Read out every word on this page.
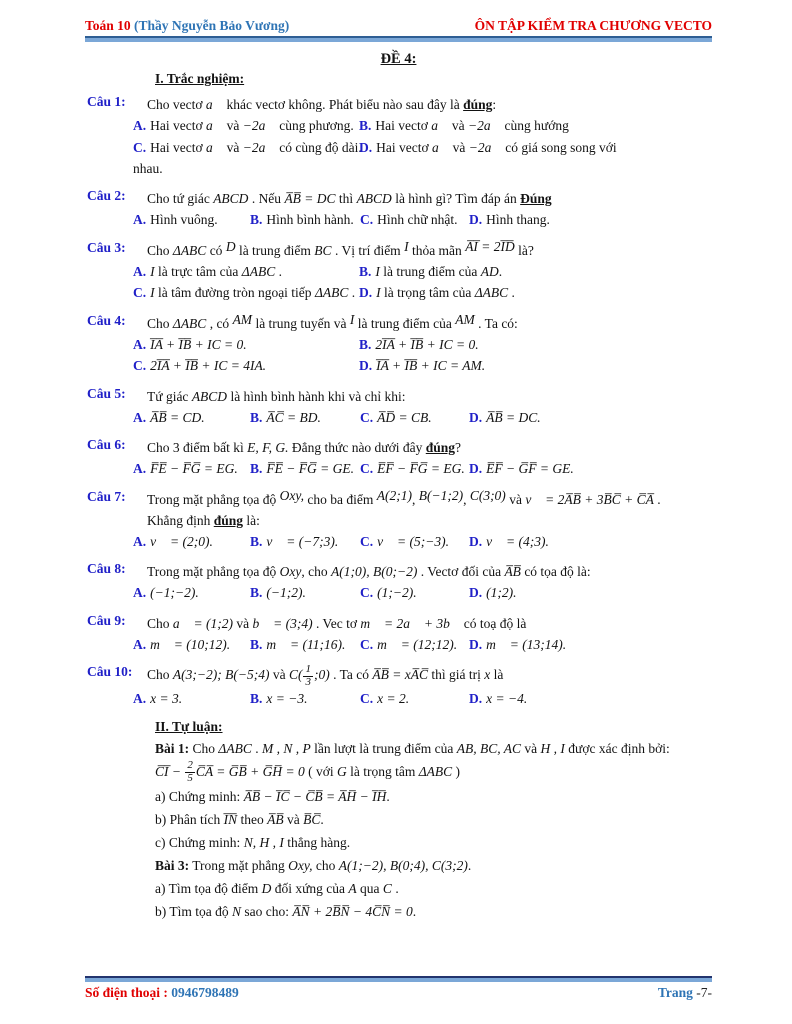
Toán 10 (Thầy Nguyễn Bảo Vương)	ÔN TẬP KIỂM TRA CHƯƠNG VECTO
ĐỀ 4:
I. Trắc nghiệm:
Câu 1:	Cho vectơ a⃗ khác vectơ không. Phát biểu nào sau đây là đúng:
A. Hai vectơ a⃗ và −2a⃗ cùng phương. B. Hai vectơ a⃗ và −2a⃗ cùng hướng
C. Hai vectơ a⃗ và −2a⃗ có cùng độ dài.
D. Hai vectơ a⃗ và −2a⃗ có giá song song với
nhau.
Câu 2:	Cho tứ giác ABCD . Nếu A̅B̅ = DC thì ABCD là hình gì? Tìm đáp án Đúng
A. Hình vuông.	B. Hình bình hành. C. Hình chữ nhật. D. Hình thang.
Câu 3:	Cho ΔABC có D là trung điểm BC . Vị trí điểm I thỏa mãn A̅I̅ = 2I̅D̅ là?
A. I là trực tâm của ΔABC .	B. I là trung điểm của AD.
C. I là tâm đường tròn ngoại tiếp ΔABC . D. I là trọng tâm của ΔABC .
Câu 4:	Cho ΔABC , có AM là trung tuyến và I là trung điểm của AM . Ta có:
A. I̅A̅ + I̅B̅ + IC = 0.	B. 2I̅A̅ + I̅B̅ + IC = 0.
C. 2I̅A̅ + I̅B̅ + IC = 4IA.	D. I̅A̅ + I̅B̅ + IC = AM.
Câu 5:	Tứ giác ABCD là hình bình hành khi và chỉ khi:
A. A̅B̅ = CD.	B. A̅C̅ = BD.	C. A̅D̅ = CB.	D. A̅B̅ = DC.
Câu 6:	Cho 3 điểm bất kì E, F, G. Đẳng thức nào dưới đây đúng?
A. F̅E̅ − F̅G̅ = EG. B. F̅E̅ − F̅G̅ = GE. C. E̅F̅ − F̅G̅ = EG. D. E̅F̅ − G̅F̅ = GE.
Câu 7:	Trong mặt phẳng tọa độ Oxy, cho ba điểm A(2;1), B(−1;2), C(3;0) và v⃗ = 2A̅B̅ + 3B̅C̅ + C̅A̅ .
Khẳng định đúng là:
A. v⃗ = (2;0).	B. v⃗ = (−7;3).	C. v⃗ = (5;−3).	D. v⃗ = (4;3).
Câu 8:	Trong mặt phẳng tọa độ Oxy, cho A(1;0), B(0;−2) . Vectơ đối của A̅B̅ có tọa độ là:
A. (−1;−2).	B. (−1;2).	C. (1;−2).	D. (1;2).
Câu 9:	Cho a⃗ = (1;2) và b⃗ = (3;4) . Vec tơ m⃗ = 2a⃗ + 3b⃗ có toạ độ là
A. m⃗ = (10;12).	B. m⃗ = (11;16).	C. m⃗ = (12;12). D. m⃗ = (13;14).
Câu 10:	Cho A(3;−2); B(−5;4) và $C( \frac{1}{3}$ ;0) . Ta có A̅B̅ = xA̅C̅ thì giá trị x là
A. x = 3.	B. x = −3.	C. x = 2.	D. x = −4.
II. Tự luận:
Bài 1: Cho ΔABC . M , N , P lần lượt là trung điểm của AB, BC, AC và H , I được xác định bởi:
C̅I̅ − $\frac{2}{5}$ C̅A̅ = G̅B̅ + G̅H̅ = 0 ( với G là trọng tâm ΔABC )
a) Chứng minh: A̅B̅ − I̅C̅ − C̅B̅ = A̅H̅ − I̅H̅.
b) Phân tích I̅N̅ theo A̅B̅ và B̅C̅.
c) Chứng minh: N, H , I thẳng hàng.
Bài 3: Trong mặt phẳng Oxy, cho A(1;−2), B(0;4), C(3;2).
a) Tìm tọa độ điểm D đối xứng của A qua C .
b) Tìm tọa độ N sao cho: A̅N̅ + 2B̅N̅ − 4C̅N̅ = 0.
Số điện thoại : 0946798489	Trang -7-
